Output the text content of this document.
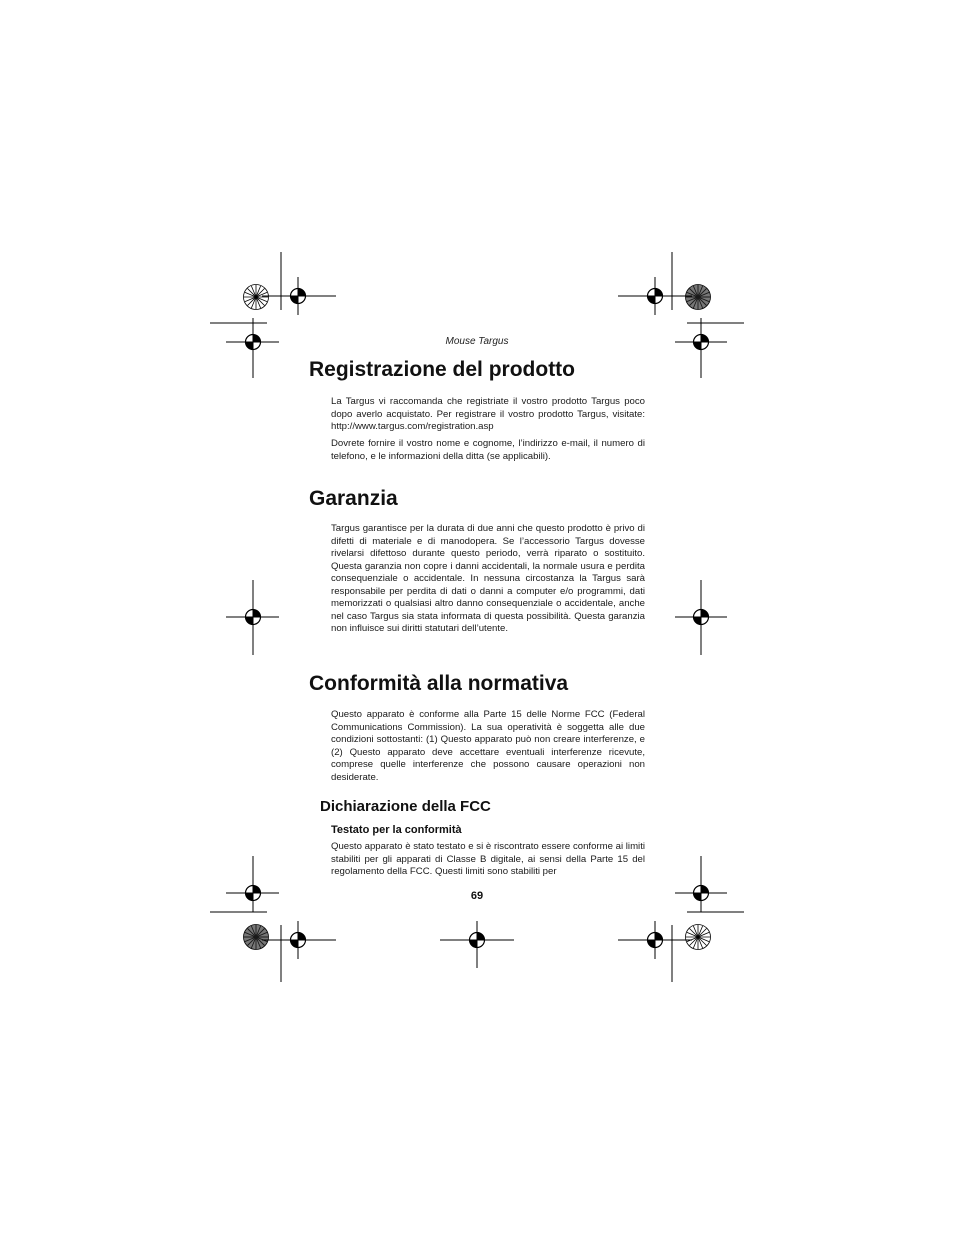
Mouse Targus
Registrazione del prodotto

La Targus vi raccomanda che registriate il vostro prodotto Targus poco dopo averlo acquistato. Per registrare il vostro prodotto Targus, visitate: http://www.targus.com/registration.asp

Dovrete fornire il vostro nome e cognome, l’indirizzo e-mail, il numero di telefono, e le informazioni della ditta (se applicabili).

Garanzia

Targus garantisce per la durata di due anni che questo prodotto è privo di difetti di materiale e di manodopera. Se l’accessorio Targus dovesse rivelarsi difettoso durante questo periodo, verrà riparato o sostituito. Questa garanzia non copre i danni accidentali, la normale usura e perdita consequenziale o accidentale. In nessuna circostanza la Targus sarà responsabile per perdita di dati o danni a computer e/o programmi, dati memorizzati o qualsiasi altro danno consequenziale o accidentale, anche nel caso Targus sia stata informata di questa possibilità. Questa garanzia non influisce sui diritti statutari dell’utente.

Conformità alla normativa

Questo apparato è conforme alla Parte 15 delle Norme FCC (Federal Communications Commission). La sua operatività è soggetta alle due condizioni sottostanti: (1) Questo apparato può non creare interferenze, e (2) Questo apparato deve accettare eventuali interferenze ricevute, comprese quelle interferenze che possono causare operazioni non desiderate.

Dichiarazione della FCC
Testato per la conformità

Questo apparato è stato testato e si è riscontrato essere conforme ai limiti stabiliti per gli apparati di Classe B digitale, ai sensi della Parte 15 del regolamento della FCC. Questi limiti sono stabiliti per

69
